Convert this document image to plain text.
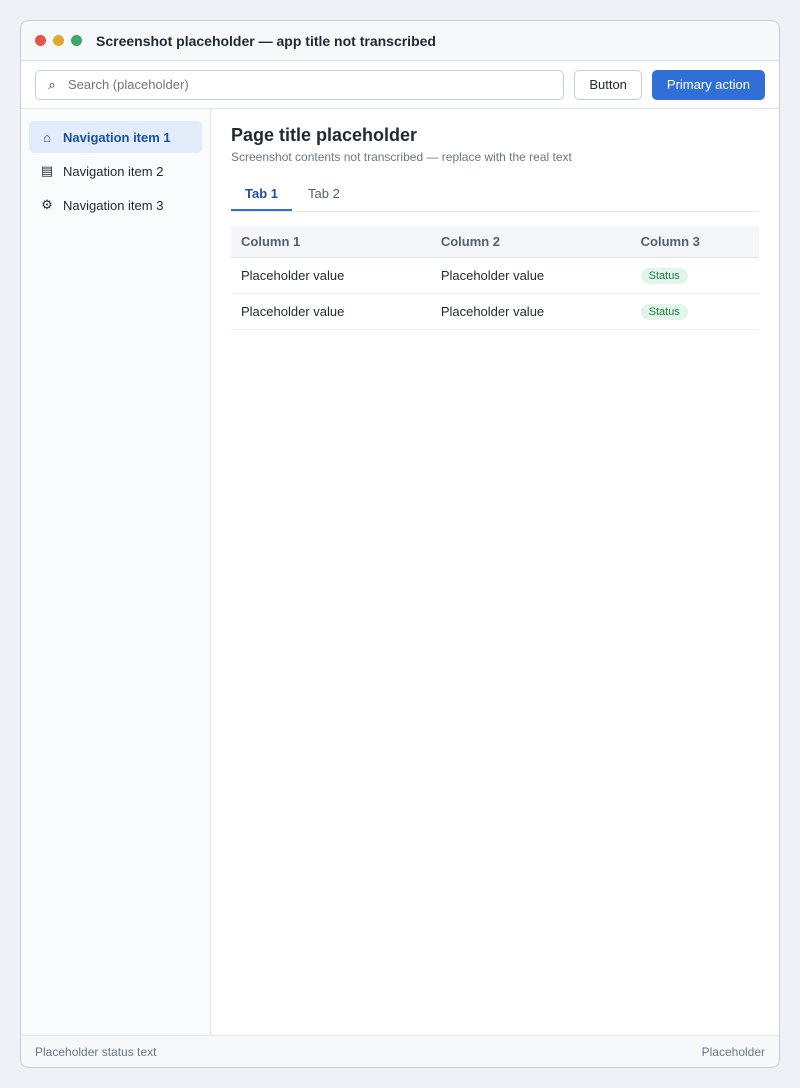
Screenshot placeholder — app title not transcribed
⌕
Search (placeholder)	Button	Primary action
⌂ Navigation item 1
▤ Navigation item 2
⚙ Navigation item 3
Page title placeholder

Screenshot contents not transcribed — replace with the real text

Tab 1	Tab 2
Column 1	Column 2	Column 3
Placeholder value	Placeholder value	Status
Placeholder value	Placeholder value	Status
Placeholder status text	Placeholder
